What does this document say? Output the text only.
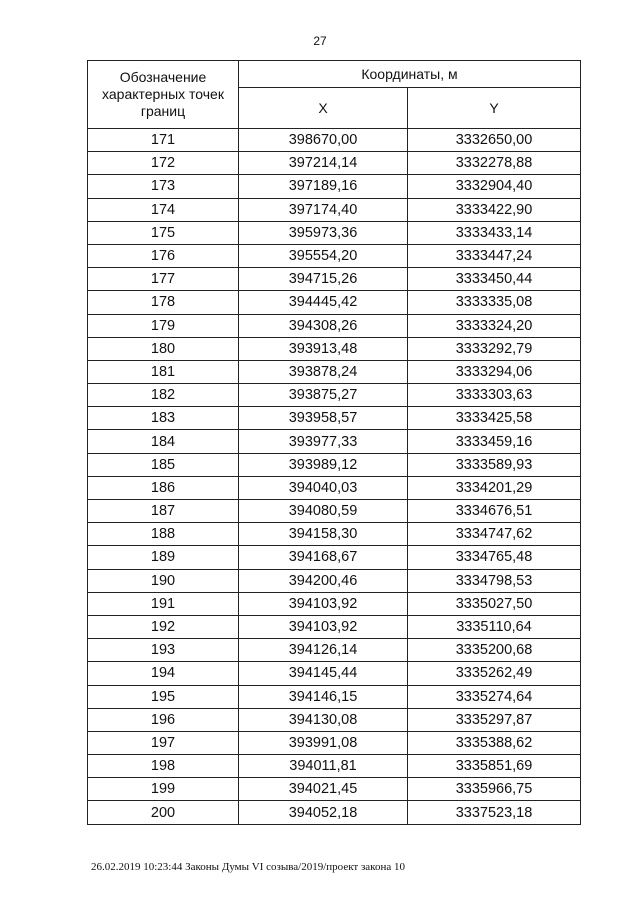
27
Обозначение характерных точек границ	Координаты, м	
	X	Y
171	398670,00	3332650,00
172	397214,14	3332278,88
173	397189,16	3332904,40
174	397174,40	3333422,90
175	395973,36	3333433,14
176	395554,20	3333447,24
177	394715,26	3333450,44
178	394445,42	3333335,08
179	394308,26	3333324,20
180	393913,48	3333292,79
181	393878,24	3333294,06
182	393875,27	3333303,63
183	393958,57	3333425,58
184	393977,33	3333459,16
185	393989,12	3333589,93
186	394040,03	3334201,29
187	394080,59	3334676,51
188	394158,30	3334747,62
189	394168,67	3334765,48
190	394200,46	3334798,53
191	394103,92	3335027,50
192	394103,92	3335110,64
193	394126,14	3335200,68
194	394145,44	3335262,49
195	394146,15	3335274,64
196	394130,08	3335297,87
197	393991,08	3335388,62
198	394011,81	3335851,69
199	394021,45	3335966,75
200	394052,18	3337523,18
26.02.2019 10:23:44 Законы Думы VI созыва/2019/проект закона 10
